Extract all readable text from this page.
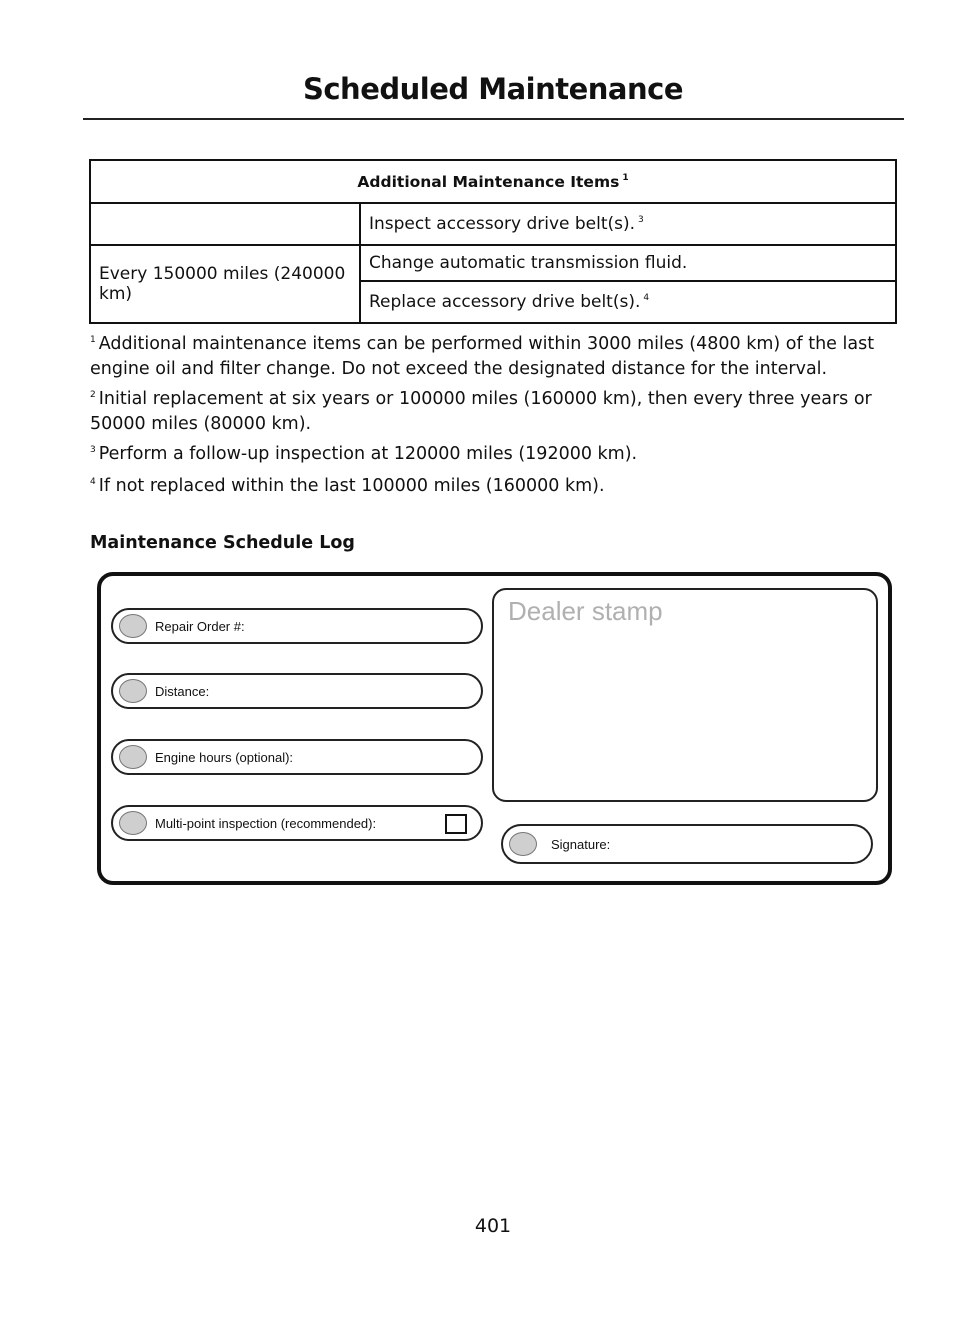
Scheduled Maintenance
Additional Maintenance Items $^1$
	Inspect accessory drive belt(s). $^3$
Every 150000 miles (240000 km)	Change automatic transmission fluid.
	Replace accessory drive belt(s). $^4$

$^1$ Additional maintenance items can be performed within 3000 miles (4800 km) of the last engine oil and filter change. Do not exceed the designated distance for the interval.

$^2$ Initial replacement at six years or 100000 miles (160000 km), then every three years or 50000 miles (80000 km).

$^3$ Perform a follow-up inspection at 120000 miles (192000 km).

$^4$ If not replaced within the last 100000 miles (160000 km).

Maintenance Schedule Log
Repair Order #:
Distance:
Engine hours (optional):
Multi-point inspection (recommended):
Dealer stamp
Signature:
401
